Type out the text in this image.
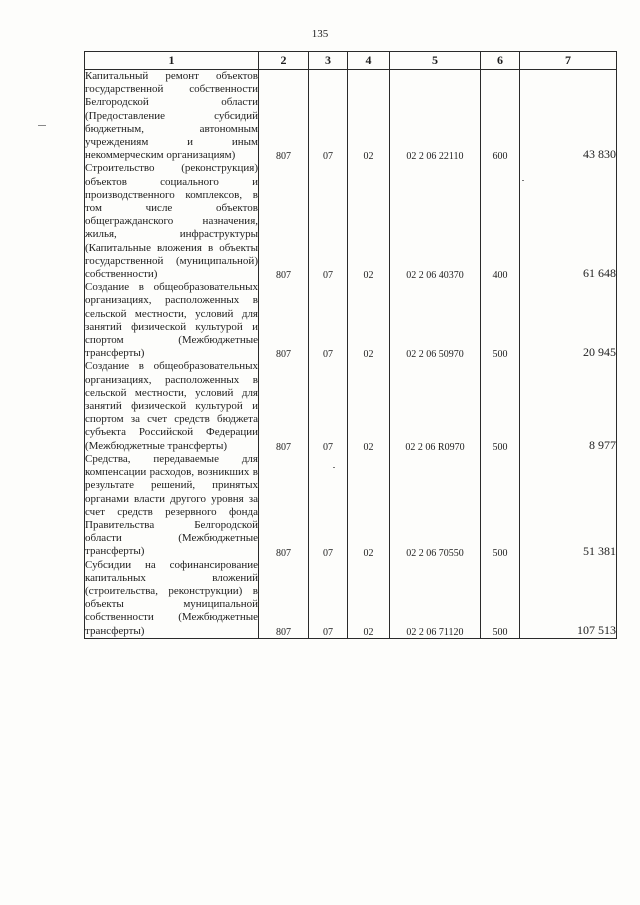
135
1	2	3	4	5	6	7

Капитальный ремонт объектов государственной собственности Белгородской области (Предоставление субсидий бюджетным, автономным учреждениям и иным некоммерческим организациям)	807	07	02	02 2 06 22110	600	43 830

Строительство (реконструкция) объектов социального и производственного комплексов, в том числе объектов общегражданского назначения, жилья, инфраструктуры (Капитальные вложения в объекты государственной (муниципальной) собственности)	807	07	02	02 2 06 40370	400	61 648

Создание в общеобразовательных организациях, расположенных в сельской местности, условий для занятий физической культурой и спортом (Межбюджетные трансферты)	807	07	02	02 2 06 50970	500	20 945

Создание в общеобразовательных организациях, расположенных в сельской местности, условий для занятий физической культурой и спортом за счет средств бюджета субъекта Российской Федерации (Межбюджетные трансферты)	807	07	02	02 2 06 R0970	500	8 977

Средства, передаваемые для компенсации расходов, возникших в результате решений, принятых органами власти другого уровня за счет средств резервного фонда Правительства Белгородской области (Межбюджетные трансферты)	807	07	02	02 2 06 70550	500	51 381

Субсидии на софинансирование капитальных вложений (строительства, реконструкции) в объекты муниципальной собственности (Межбюджетные трансферты)	807	07	02	02 2 06 71120	500	107 513
